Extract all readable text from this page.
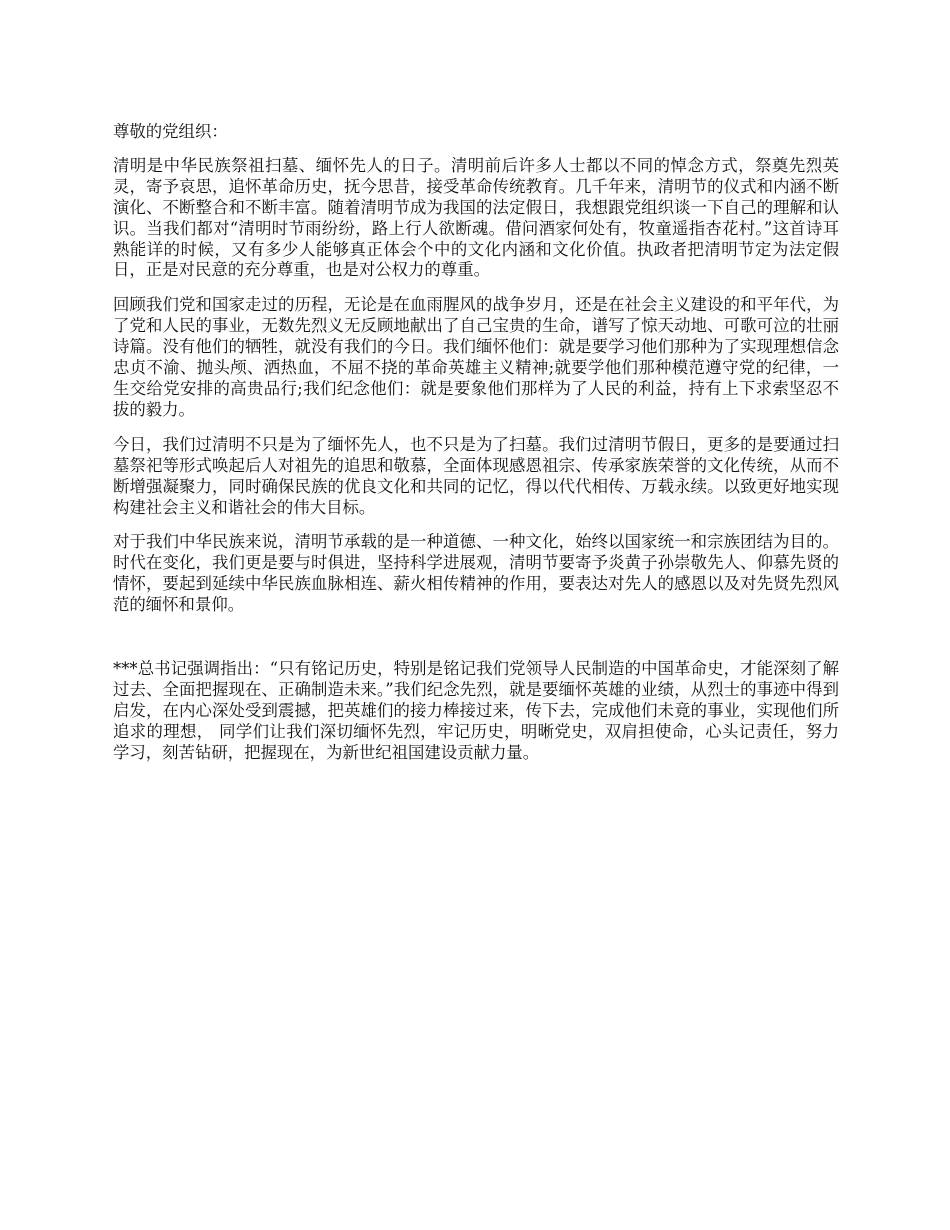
尊敬的党组织：

清明是中华民族祭祖扫墓、缅怀先人的日子。清明前后许多人士都以不同的悼念方式，祭奠先烈英灵，寄予哀思，追怀革命历史，抚今思昔，接受革命传统教育。几千年来，清明节的仪式和内涵不断演化、不断整合和不断丰富。随着清明节成为我国的法定假日，我想跟党组织谈一下自己的理解和认识。当我们都对“清明时节雨纷纷，路上行人欲断魂。借问酒家何处有，牧童遥指杏花村。”这首诗耳熟能详的时候，又有多少人能够真正体会个中的文化内涵和文化价值。执政者把清明节定为法定假日，正是对民意的充分尊重，也是对公权力的尊重。

回顾我们党和国家走过的历程，无论是在血雨腥风的战争岁月，还是在社会主义建设的和平年代，为了党和人民的事业，无数先烈义无反顾地献出了自己宝贵的生命，谱写了惊天动地、可歌可泣的壮丽诗篇。没有他们的牺牲，就没有我们的今日。我们缅怀他们：就是要学习他们那种为了实现理想信念忠贞不渝、抛头颅、洒热血，不屈不挠的革命英雄主义精神;就要学他们那种模范遵守党的纪律，一生交给党安排的高贵品行;我们纪念他们：就是要象他们那样为了人民的利益，持有上下求索坚忍不拔的毅力。

今日，我们过清明不只是为了缅怀先人，也不只是为了扫墓。我们过清明节假日，更多的是要通过扫墓祭祀等形式唤起后人对祖先的追思和敬慕，全面体现感恩祖宗、传承家族荣誉的文化传统，从而不断增强凝聚力，同时确保民族的优良文化和共同的记忆，得以代代相传、万载永续。以致更好地实现构建社会主义和谐社会的伟大目标。

对于我们中华民族来说，清明节承载的是一种道德、一种文化，始终以国家统一和宗族团结为目的。时代在变化，我们更是要与时俱进，坚持科学进展观，清明节要寄予炎黄子孙崇敬先人、仰慕先贤的情怀，要起到延续中华民族血脉相连、薪火相传精神的作用，要表达对先人的感恩以及对先贤先烈风范的缅怀和景仰。

***总书记强调指出：“只有铭记历史，特别是铭记我们党领导人民制造的中国革命史，才能深刻了解过去、全面把握现在、正确制造未来。”我们纪念先烈，就是要缅怀英雄的业绩，从烈士的事迹中得到启发，在内心深处受到震撼，把英雄们的接力棒接过来，传下去，完成他们未竟的事业，实现他们所追求的理想， 同学们让我们深切缅怀先烈，牢记历史，明晰党史，双肩担使命，心头记责任，努力学习，刻苦钻研，把握现在，为新世纪祖国建设贡献力量。
